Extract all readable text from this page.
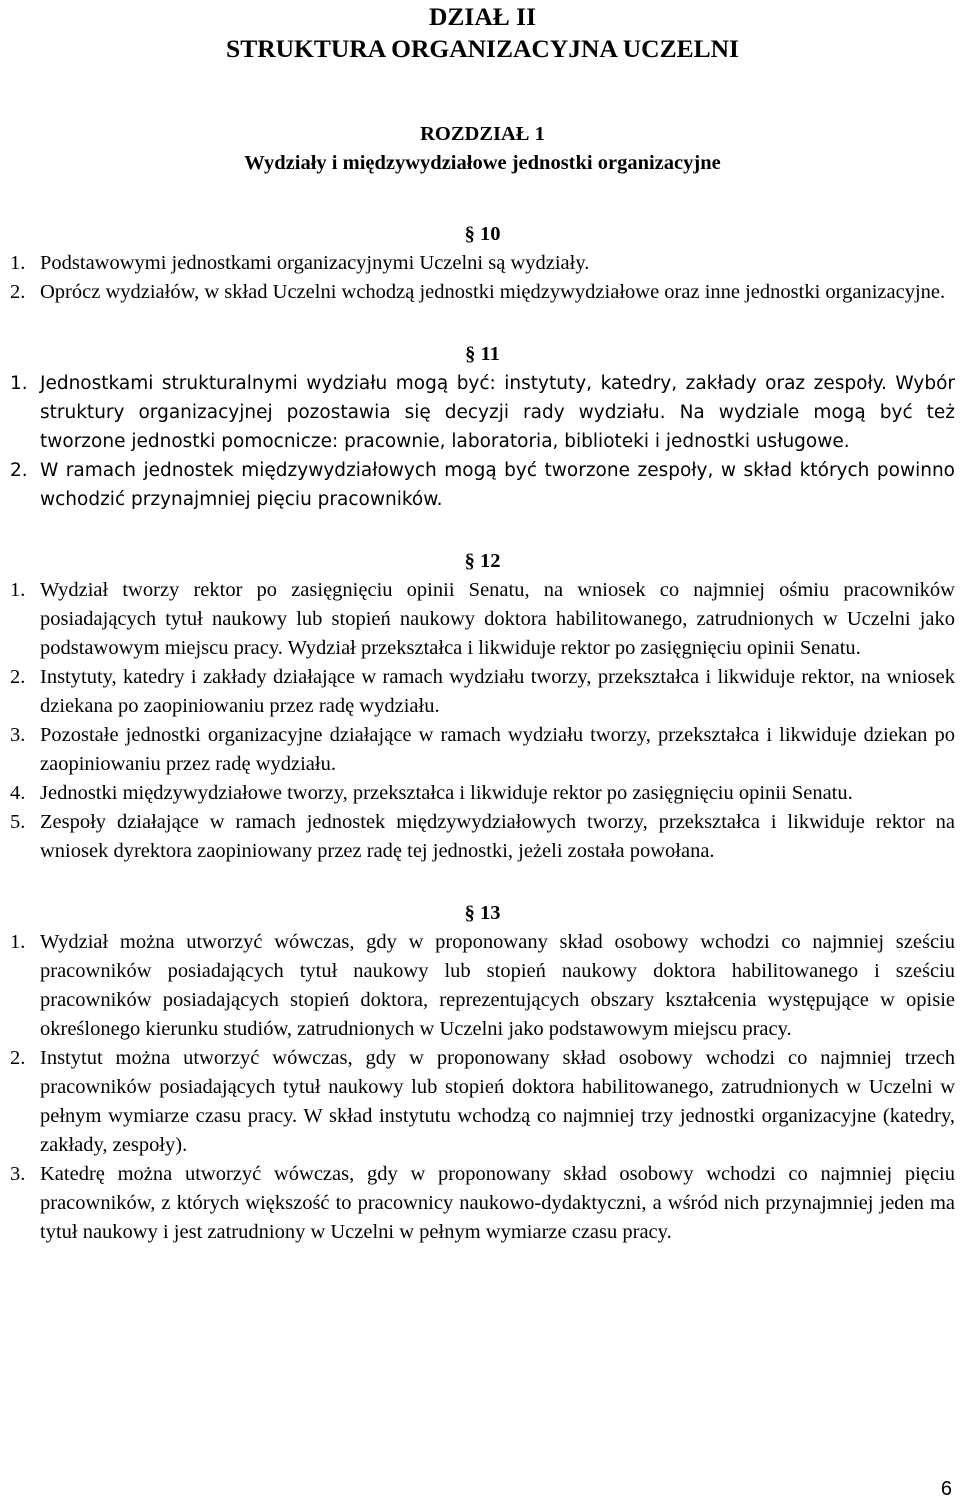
DZIAŁ II
STRUKTURA ORGANIZACYJNA UCZELNI
ROZDZIAŁ 1
Wydziały i międzywydziałowe jednostki organizacyjne
§ 10
1. Podstawowymi jednostkami organizacyjnymi Uczelni są wydziały.
2. Oprócz wydziałów, w skład Uczelni wchodzą jednostki międzywydziałowe oraz inne jednostki organizacyjne.
§ 11
1. Jednostkami strukturalnymi wydziału mogą być: instytuty, katedry, zakłady oraz zespoły. Wybór struktury organizacyjnej pozostawia się decyzji rady wydziału. Na wydziale mogą być też tworzone jednostki pomocnicze: pracownie, laboratoria, biblioteki i jednostki usługowe.
2. W ramach jednostek międzywydziałowych mogą być tworzone zespoły, w skład których powinno wchodzić przynajmniej pięciu pracowników.
§ 12
1. Wydział tworzy rektor po zasięgnięciu opinii Senatu, na wniosek co najmniej ośmiu pracowników posiadających tytuł naukowy lub stopień naukowy doktora habilitowanego, zatrudnionych w Uczelni jako podstawowym miejscu pracy. Wydział przekształca i likwiduje rektor po zasięgnięciu opinii Senatu.
2. Instytuty, katedry i zakłady działające w ramach wydziału tworzy, przekształca i likwiduje rektor, na wniosek dziekana po zaopiniowaniu przez radę wydziału.
3. Pozostałe jednostki organizacyjne działające w ramach wydziału tworzy, przekształca i likwiduje dziekan po zaopiniowaniu przez radę wydziału.
4. Jednostki międzywydziałowe tworzy, przekształca i likwiduje rektor po zasięgnięciu opinii Senatu.
5. Zespoły działające w ramach jednostek międzywydziałowych tworzy, przekształca i likwiduje rektor na wniosek dyrektora zaopiniowany przez radę tej jednostki, jeżeli została powołana.
§ 13
1. Wydział można utworzyć wówczas, gdy w proponowany skład osobowy wchodzi co najmniej sześciu pracowników posiadających tytuł naukowy lub stopień naukowy doktora habilitowanego i sześciu pracowników posiadających stopień doktora, reprezentujących obszary kształcenia występujące w opisie określonego kierunku studiów, zatrudnionych w Uczelni jako podstawowym miejscu pracy.
2. Instytut można utworzyć wówczas, gdy w proponowany skład osobowy wchodzi co najmniej trzech pracowników posiadających tytuł naukowy lub stopień doktora habilitowanego, zatrudnionych w Uczelni w pełnym wymiarze czasu pracy. W skład instytutu wchodzą co najmniej trzy jednostki organizacyjne (katedry, zakłady, zespoły).
3. Katedrę można utworzyć wówczas, gdy w proponowany skład osobowy wchodzi co najmniej pięciu pracowników, z których większość to pracownicy naukowo-dydaktyczni, a wśród nich przynajmniej jeden ma tytuł naukowy i jest zatrudniony w Uczelni w pełnym wymiarze czasu pracy.
6
